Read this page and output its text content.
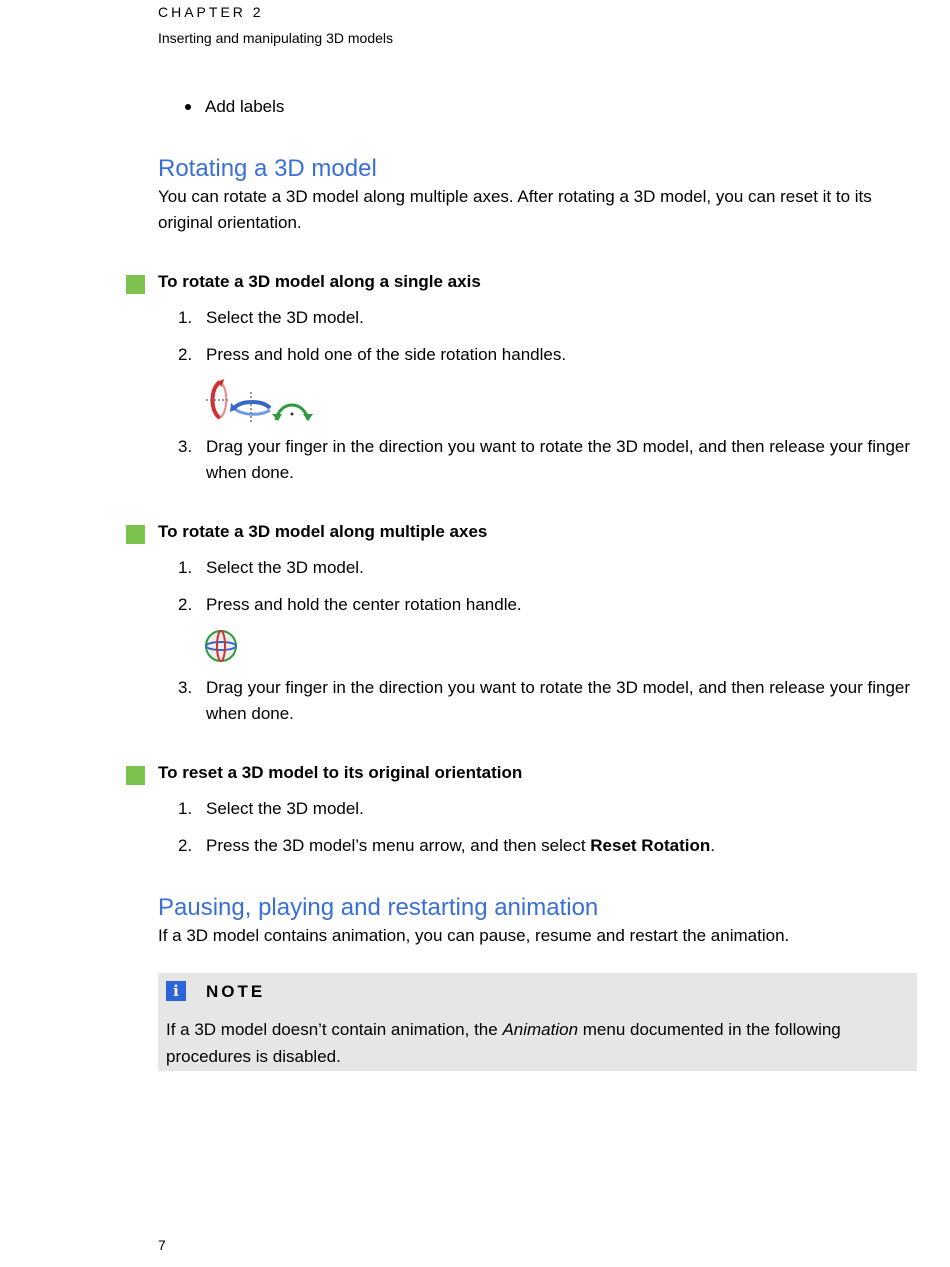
CHAPTER 2
Inserting and manipulating 3D models
Add labels
Rotating a 3D model
You can rotate a 3D model along multiple axes. After rotating a 3D model, you can reset it to its original orientation.
To rotate a 3D model along a single axis
1. Select the 3D model.
2. Press and hold one of the side rotation handles.
3. Drag your finger in the direction you want to rotate the 3D model, and then release your finger when done.
To rotate a 3D model along multiple axes
1. Select the 3D model.
2. Press and hold the center rotation handle.
3. Drag your finger in the direction you want to rotate the 3D model, and then release your finger when done.
To reset a 3D model to its original orientation
1. Select the 3D model.
2. Press the 3D model’s menu arrow, and then select Reset Rotation.
Pausing, playing and restarting animation
If a 3D model contains animation, you can pause, resume and restart the animation.
i	NOTE
If a 3D model doesn’t contain animation, the Animation menu documented in the following procedures is disabled.
7
